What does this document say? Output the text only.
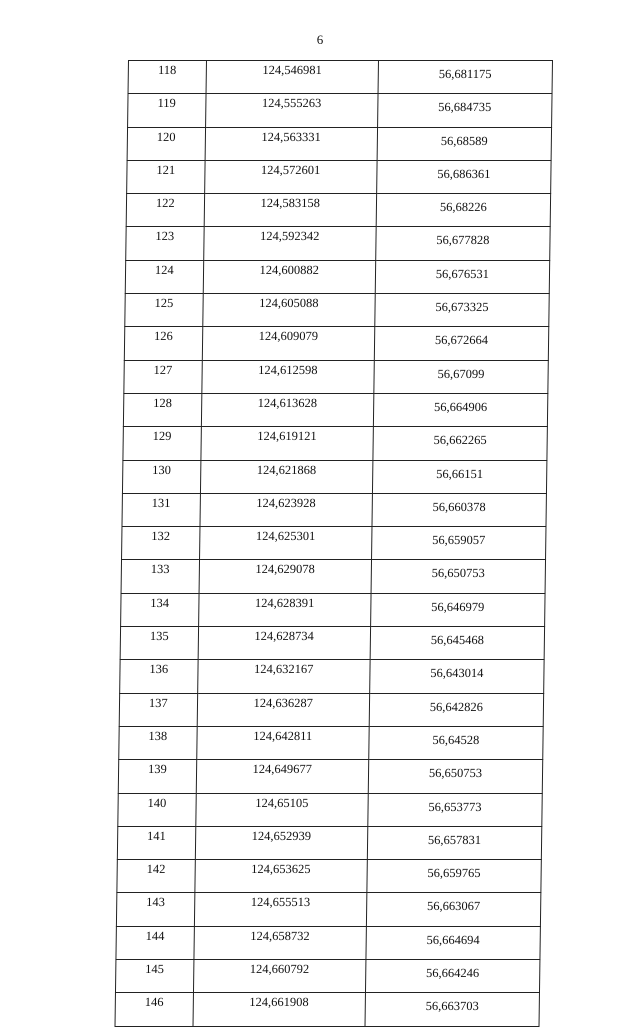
6
118	124,546981	56,681175
119	124,555263	56,684735
120	124,563331	56,68589
121	124,572601	56,686361
122	124,583158	56,68226
123	124,592342	56,677828
124	124,600882	56,676531
125	124,605088	56,673325
126	124,609079	56,672664
127	124,612598	56,67099
128	124,613628	56,664906
129	124,619121	56,662265
130	124,621868	56,66151
131	124,623928	56,660378
132	124,625301	56,659057
133	124,629078	56,650753
134	124,628391	56,646979
135	124,628734	56,645468
136	124,632167	56,643014
137	124,636287	56,642826
138	124,642811	56,64528
139	124,649677	56,650753
140	124,65105	56,653773
141	124,652939	56,657831
142	124,653625	56,659765
143	124,655513	56,663067
144	124,658732	56,664694
145	124,660792	56,664246
146	124,661908	56,663703
